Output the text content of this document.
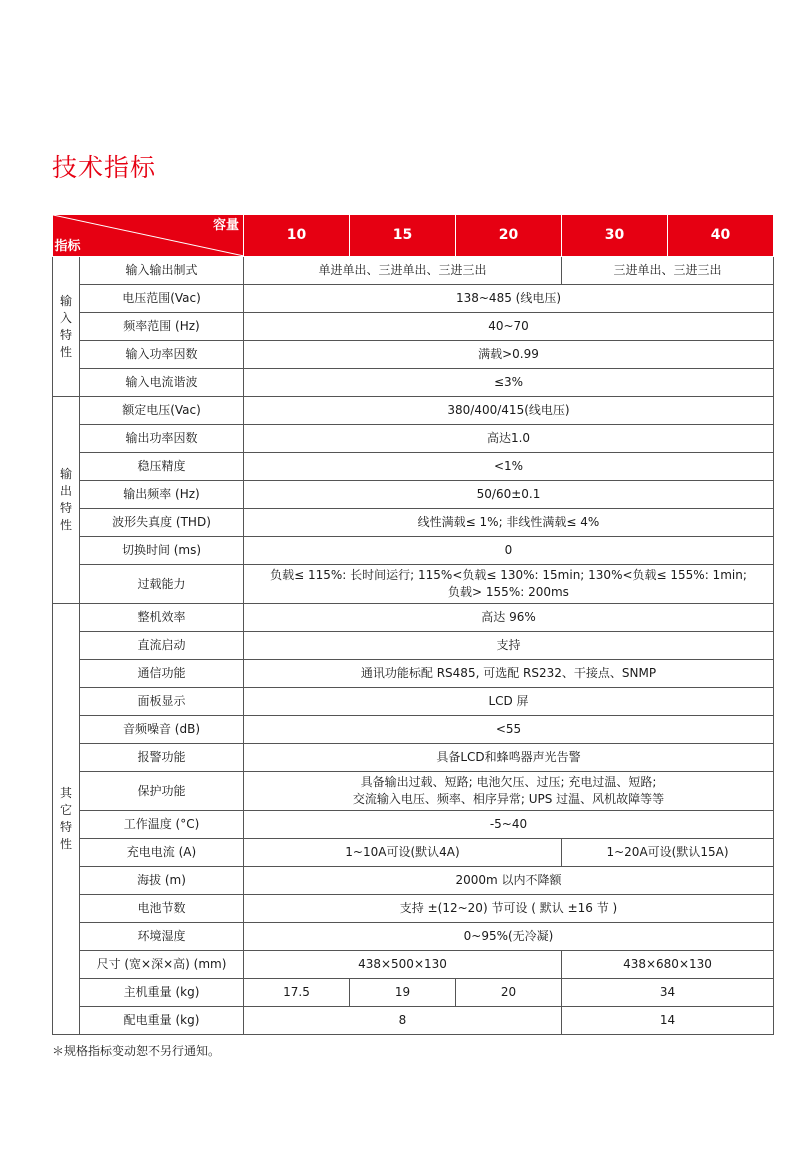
技术指标
容量
指标		10	15	20	30	40

输
入
特
性	输入输出制式	单进单出、三进单出、三进三出			三进单出、三进三出	
	电压范围(Vac)	138~485 (线电压)				
	频率范围 (Hz)	40~70				
	输入功率因数	满载>0.99				
	输入电流谐波	≤3%				

输
出
特
性	额定电压(Vac)	380/400/415(线电压)				
	输出功率因数	高达1.0				
	稳压精度	<1%				
	输出频率 (Hz)	50/60±0.1				
	波形失真度 (THD)	线性满载≤ 1%; 非线性满载≤ 4%				
	切换时间 (ms)	0				
	过载能力	负载≤ 115%: 长时间运行; 115%<负载≤ 130%: 15min; 130%<负载≤ 155%: 1min;
负载> 155%: 200ms				

其
它
特
性	整机效率	高达 96%				
	直流启动	支持				
	通信功能	通讯功能标配 RS485, 可选配 RS232、干接点、SNMP				
	面板显示	LCD 屏				
	音频噪音 (dB)	<55				
	报警功能	具备LCD和蜂鸣器声光告警				
	保护功能	具备输出过载、短路; 电池欠压、过压; 充电过温、短路;
交流输入电压、频率、相序异常; UPS 过温、风机故障等等				

	工作温度 (°C)	-5~40				
	充电电流 (A)	1~10A可设(默认4A)			1~20A可设(默认15A)	
	海拔 (m)	2000m 以内不降额				
	电池节数	支持 ±(12~20) 节可设 ( 默认 ±16 节 )				
	环境湿度	0~95%(无冷凝)				
	尺寸 (宽×深×高) (mm)	438×500×130			438×680×130	
	主机重量 (kg)	17.5	19	20	34	
	配电重量 (kg)	8			14	
＊规格指标变动恕不另行通知。
